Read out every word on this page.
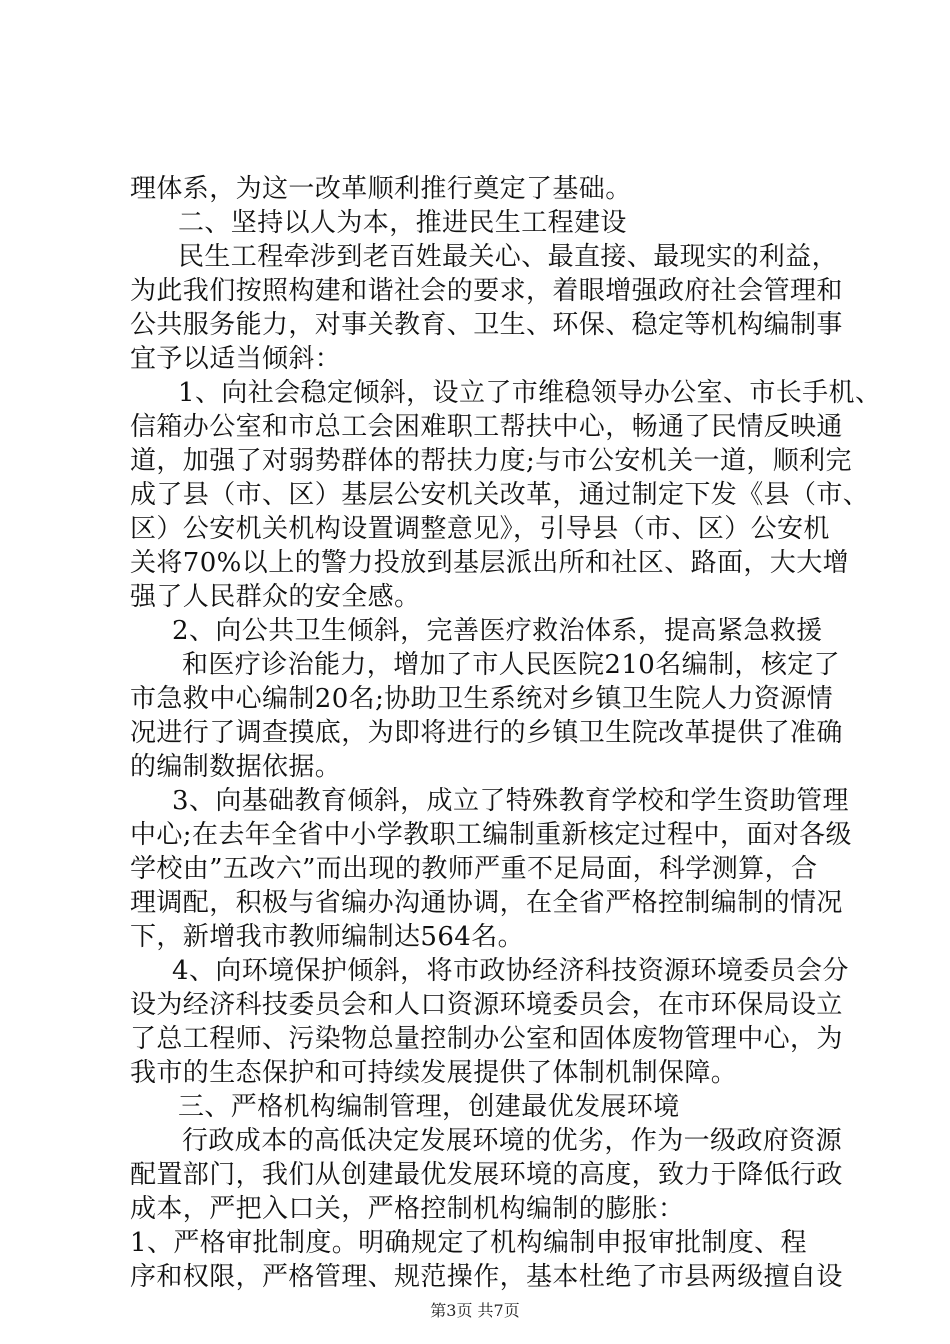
理体系，为这一改革顺利推行奠定了基础。
二、坚持以人为本，推进民生工程建设
民生工程牵涉到老百姓最关心、最直接、最现实的利益，
为此我们按照构建和谐社会的要求，着眼增强政府社会管理和
公共服务能力，对事关教育、卫生、环保、稳定等机构编制事
宜予以适当倾斜：
1、向社会稳定倾斜，设立了市维稳领导办公室、市长手机、
信箱办公室和市总工会困难职工帮扶中心，畅通了民情反映通
道，加强了对弱势群体的帮扶力度;与市公安机关一道，顺利完
成了县（市、区）基层公安机关改革，通过制定下发《县（市、
区）公安机关机构设置调整意见》，引导县（市、区）公安机
关将70%以上的警力投放到基层派出所和社区、路面，大大增
强了人民群众的安全感。
2、向公共卫生倾斜，完善医疗救治体系，提高紧急救援
和医疗诊治能力，增加了市人民医院210名编制，核定了
市急救中心编制20名;协助卫生系统对乡镇卫生院人力资源情
况进行了调查摸底，为即将进行的乡镇卫生院改革提供了准确
的编制数据依据。
3、向基础教育倾斜，成立了特殊教育学校和学生资助管理
中心;在去年全省中小学教职工编制重新核定过程中，面对各级
学校由”五改六”而出现的教师严重不足局面，科学测算，合
理调配，积极与省编办沟通协调，在全省严格控制编制的情况
下，新增我市教师编制达564名。
4、向环境保护倾斜，将市政协经济科技资源环境委员会分
设为经济科技委员会和人口资源环境委员会，在市环保局设立
了总工程师、污染物总量控制办公室和固体废物管理中心，为
我市的生态保护和可持续发展提供了体制机制保障。
三、严格机构编制管理，创建最优发展环境
行政成本的高低决定发展环境的优劣，作为一级政府资源
配置部门，我们从创建最优发展环境的高度，致力于降低行政
成本，严把入口关，严格控制机构编制的膨胀：
1、严格审批制度。明确规定了机构编制申报审批制度、程
序和权限，严格管理、规范操作，基本杜绝了市县两级擅自设
第3页 共7页
